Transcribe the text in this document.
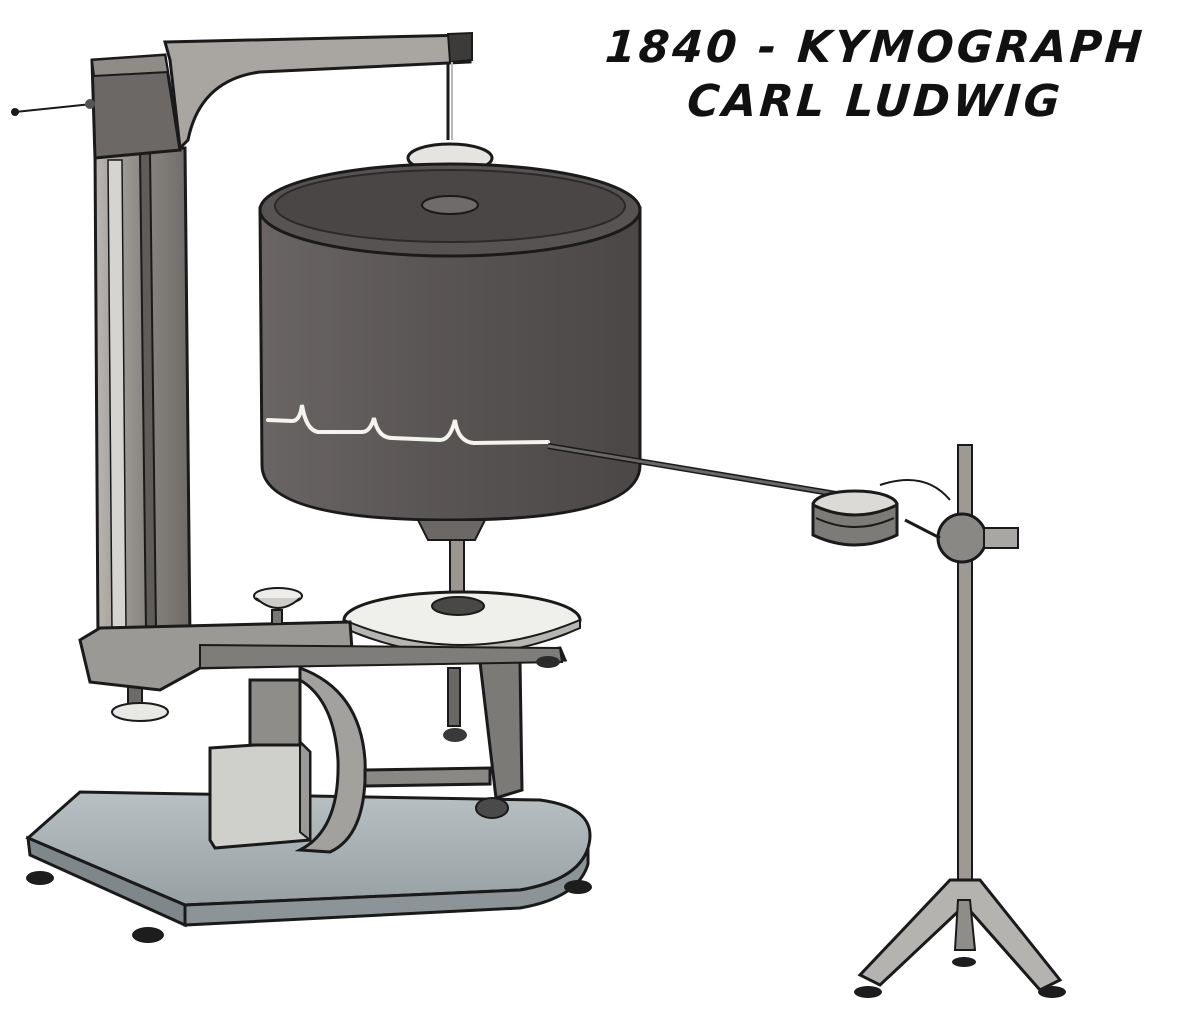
1840 - KYMOGRAPH
CARL LUDWIG
